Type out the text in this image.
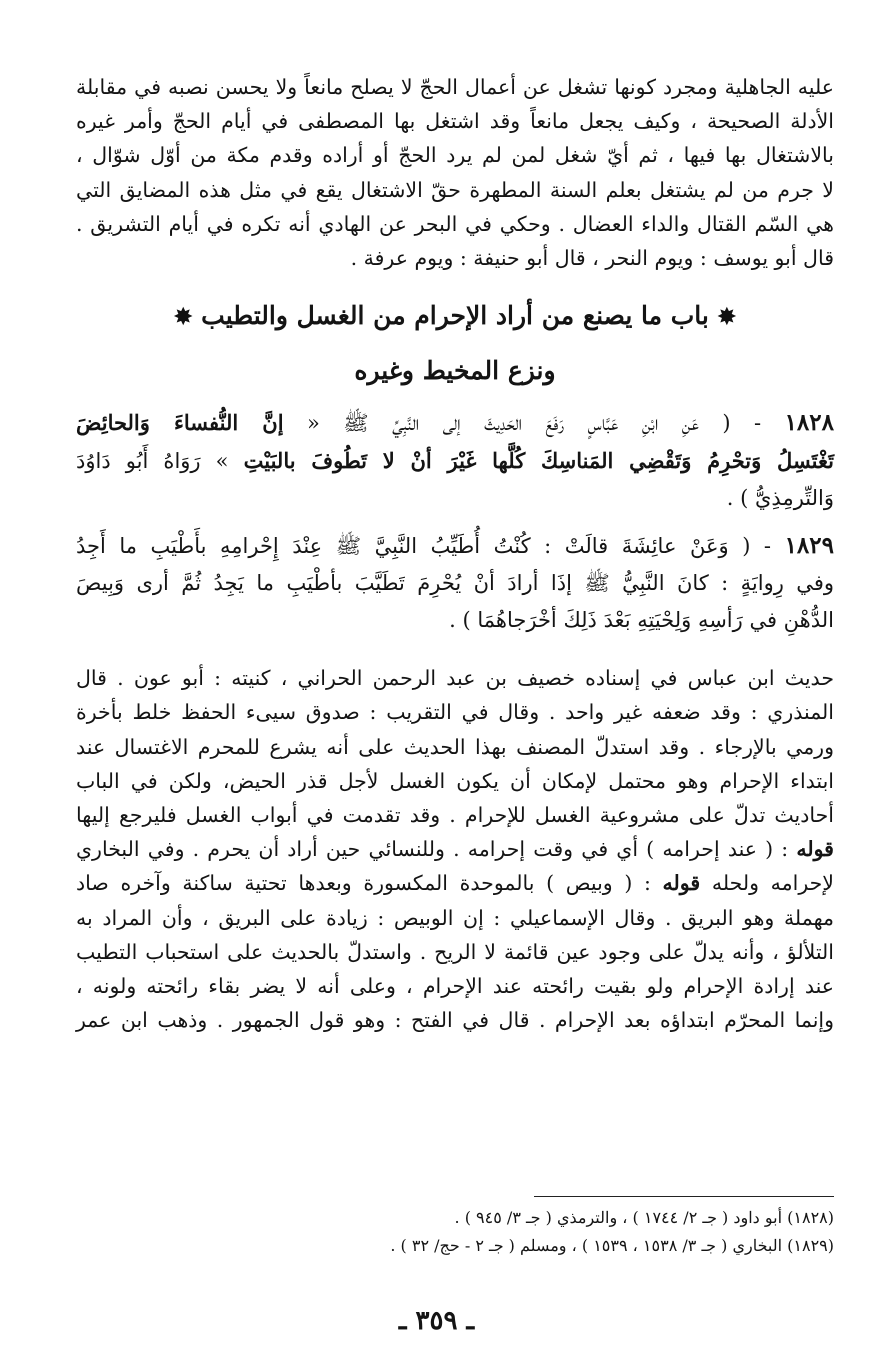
عليه الجاهلية ومجرد كونها تشغل عن أعمال الحجّ لا يصلح مانعاً ولا يحسن نصبه في مقابلة
الأدلة الصحيحة ، وكيف يجعل مانعاً وقد اشتغل بها المصطفى في أيام الحجّ وأمر غيره
بالاشتغال بها فيها ، ثم أيّ شغل لمن لم يرد الحجّ أو أراده وقدم مكة من أوّل شوّال ،
لا جرم من لم يشتغل بعلم السنة المطهرة حقّ الاشتغال يقع في مثل هذه المضايق التي
هي السّم القتال والداء العضال . وحكي في البحر عن الهادي أنه تكره في أيام التشريق .
قال أبو يوسف : ويوم النحر ، قال أبو حنيفة : ويوم عرفة .
✸ باب ما يصنع من أراد الإحرام من الغسل والتطيب ✸
ونزع المخيط وغيره
١٨٢٨ - ( عَنِ ابْنِ عَبَّاسٍ رَفَعَ الحَدِيثَ إلى النَّبِيِّ ﷺ « إنَّ النُّفساءَ وَالحائِضَ
تَغْتَسِلُ وَتحْرِمُ وَتَقْضِي المَناسِكَ كُلَّها غَيْرَ أنْ لا تَطُوفَ بالبَيْتِ » رَوَاهُ أَبُو دَاوُدَ
وَالتِّرمِذِيُّ ) .
١٨٢٩ - ( وَعَنْ عائِشَةَ قالَتْ : كُنْتُ أُطَيِّبُ النَّبِيَّ ﷺ عِنْدَ إِحْرامِهِ بأَطْيَبِ ما أَجِدُ
وفي رِوايَةٍ : كانَ النَّبِيُّ ﷺ إذَا أرادَ أنْ يُحْرِمَ تَطَيَّبَ بأطْيَبِ ما يَجِدُ ثُمَّ أرى وَبِيصَ
الدُّهْنِ في رَأسِهِ وَلِحْيَتِهِ بَعْدَ ذَلِكَ أخْرَجاهُمَا ) .
حديث ابن عباس في إسناده خصيف بن عبد الرحمن الحراني ، كنيته : أبو عون . قال
المنذري : وقد ضعفه غير واحد . وقال في التقريب : صدوق سيىء الحفظ خلط بأخرة
ورمي بالإرجاء . وقد استدلّ المصنف بهذا الحديث على أنه يشرع للمحرم الاغتسال عند
ابتداء الإحرام وهو محتمل لإمكان أن يكون الغسل لأجل قذر الحيض، ولكن في الباب
أحاديث تدلّ على مشروعية الغسل للإحرام . وقد تقدمت في أبواب الغسل فليرجع إليها
قوله : ( عند إحرامه ) أي في وقت إحرامه . وللنسائي حين أراد أن يحرم . وفي البخاري
لإحرامه ولحله قوله : ( وبيص ) بالموحدة المكسورة وبعدها تحتية ساكنة وآخره صاد
مهملة وهو البريق . وقال الإسماعيلي : إن الوبيص : زيادة على البريق ، وأن المراد به
التلألؤ ، وأنه يدلّ على وجود عين قائمة لا الريح . واستدلّ بالحديث على استحباب التطيب
عند إرادة الإحرام ولو بقيت رائحته عند الإحرام ، وعلى أنه لا يضر بقاء رائحته ولونه ،
وإنما المحرّم ابتداؤه بعد الإحرام . قال في الفتح : وهو قول الجمهور . وذهب ابن عمر
(١٨٢٨) أبو داود ( جـ ٢/ ١٧٤٤ ) ، والترمذي ( جـ ٣/ ٩٤٥ ) .
(١٨٢٩) البخاري ( جـ ٣/ ١٥٣٨ ، ١٥٣٩ ) ، ومسلم ( جـ ٢ - حج/ ٣٢ ) .
ـ ٣٥٩ ـ
